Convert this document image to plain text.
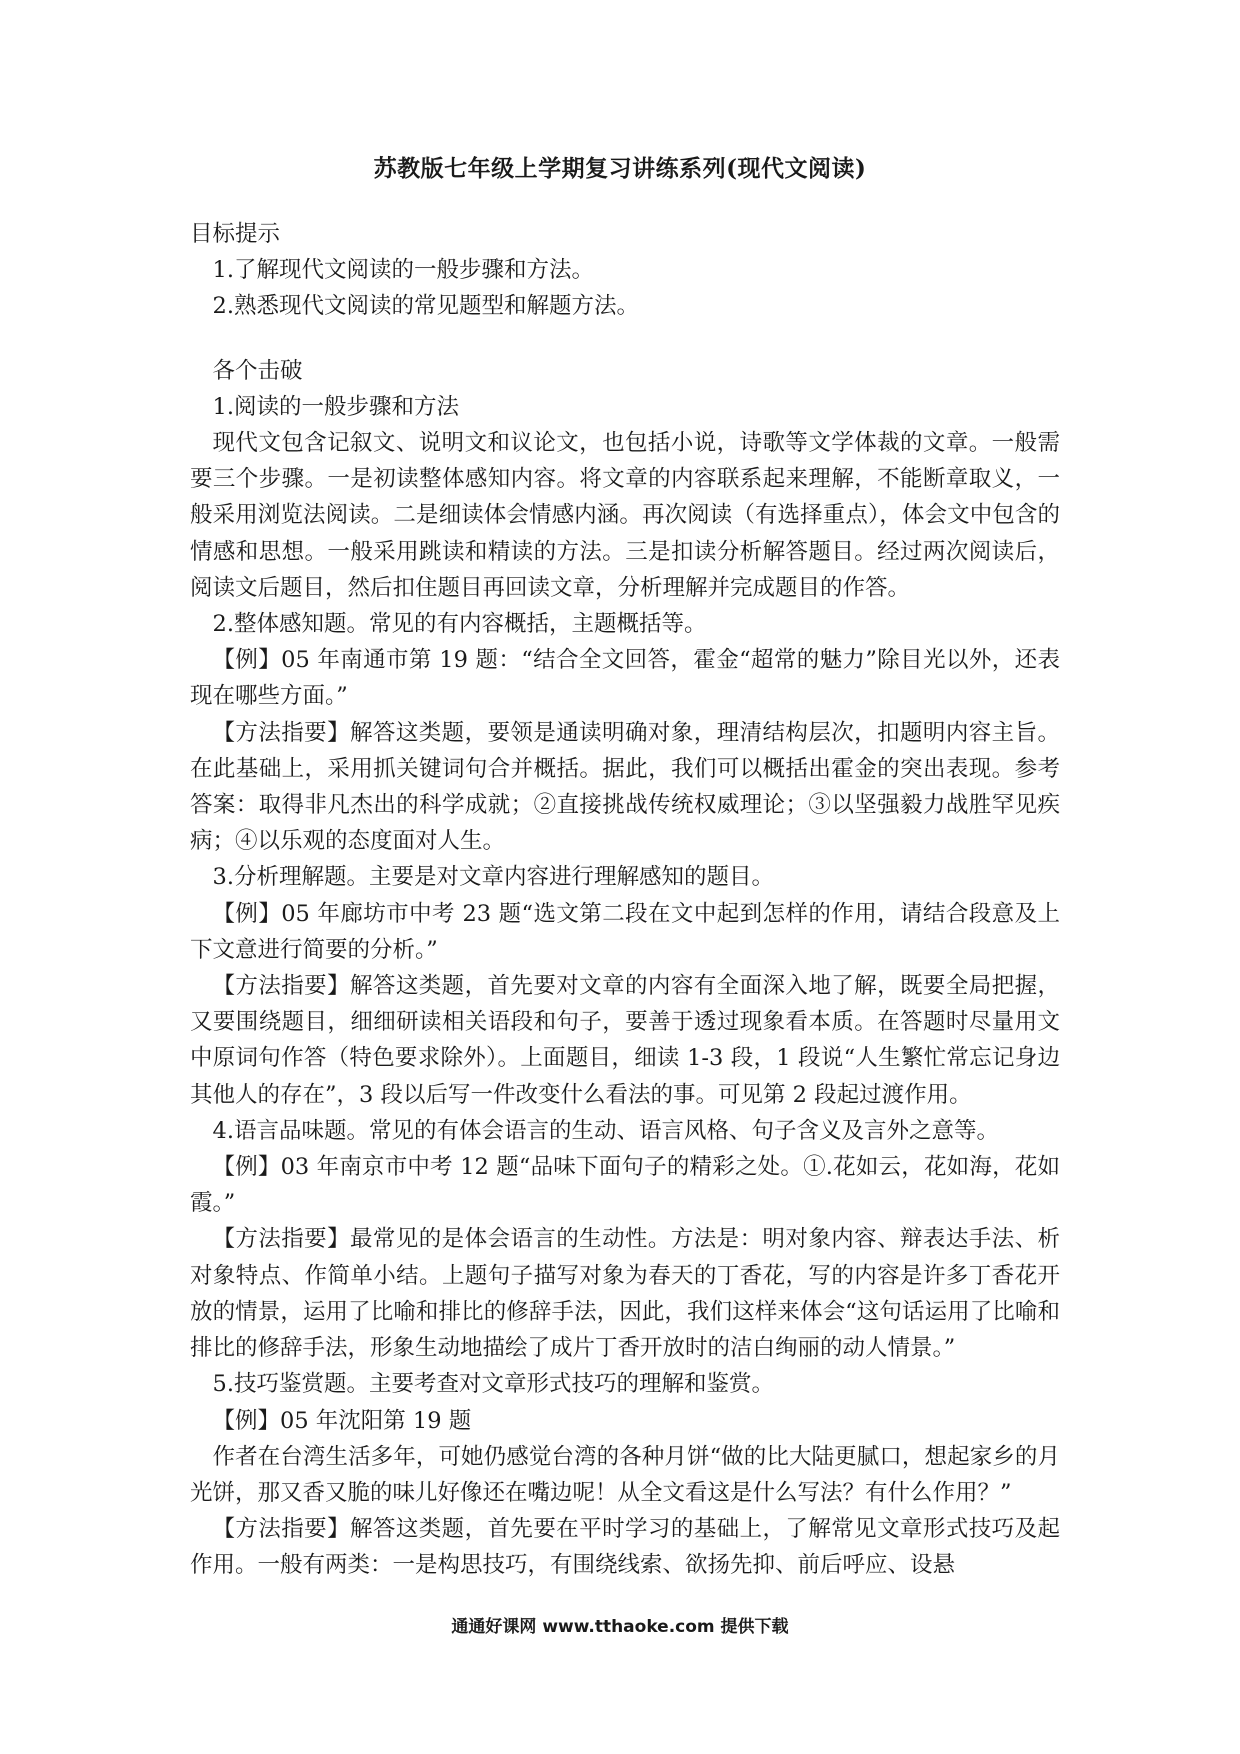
苏教版七年级上学期复习讲练系列(现代文阅读)

目标提示

1.了解现代文阅读的一般步骤和方法。

2.熟悉现代文阅读的常见题型和解题方法。

各个击破

1.阅读的一般步骤和方法

现代文包含记叙文、说明文和议论文，也包括小说，诗歌等文学体裁的文章。一般需要三个步骤。一是初读整体感知内容。将文章的内容联系起来理解，不能断章取义，一般采用浏览法阅读。二是细读体会情感内涵。再次阅读（有选择重点），体会文中包含的情感和思想。一般采用跳读和精读的方法。三是扣读分析解答题目。经过两次阅读后，阅读文后题目，然后扣住题目再回读文章，分析理解并完成题目的作答。

2.整体感知题。常见的有内容概括，主题概括等。

【例】05 年南通市第 19 题：“结合全文回答，霍金“超常的魅力”除目光以外，还表现在哪些方面。”

【方法指要】解答这类题，要领是通读明确对象，理清结构层次，扣题明内容主旨。在此基础上，采用抓关键词句合并概括。据此，我们可以概括出霍金的突出表现。参考答案：取得非凡杰出的科学成就；②直接挑战传统权威理论；③以坚强毅力战胜罕见疾病；④以乐观的态度面对人生。

3.分析理解题。主要是对文章内容进行理解感知的题目。

【例】05 年廊坊市中考 23 题“选文第二段在文中起到怎样的作用，请结合段意及上下文意进行简要的分析。”

【方法指要】解答这类题，首先要对文章的内容有全面深入地了解，既要全局把握，又要围绕题目，细细研读相关语段和句子，要善于透过现象看本质。在答题时尽量用文中原词句作答（特色要求除外）。上面题目，细读 1-3 段，1 段说“人生繁忙常忘记身边其他人的存在”，3 段以后写一件改变什么看法的事。可见第 2 段起过渡作用。

4.语言品味题。常见的有体会语言的生动、语言风格、句子含义及言外之意等。

【例】03 年南京市中考 12 题“品味下面句子的精彩之处。①.花如云，花如海，花如霞。”

【方法指要】最常见的是体会语言的生动性。方法是：明对象内容、辩表达手法、析对象特点、作简单小结。上题句子描写对象为春天的丁香花，写的内容是许多丁香花开放的情景，运用了比喻和排比的修辞手法，因此，我们这样来体会“这句话运用了比喻和排比的修辞手法，形象生动地描绘了成片丁香开放时的洁白绚丽的动人情景。”

5.技巧鉴赏题。主要考查对文章形式技巧的理解和鉴赏。

【例】05 年沈阳第 19 题

作者在台湾生活多年，可她仍感觉台湾的各种月饼“做的比大陆更腻口，想起家乡的月光饼，那又香又脆的味儿好像还在嘴边呢！从全文看这是什么写法？有什么作用？”

【方法指要】解答这类题，首先要在平时学习的基础上，了解常见文章形式技巧及起作用。一般有两类：一是构思技巧，有围绕线索、欲扬先抑、前后呼应、设悬

通通好课网 www.tthaoke.com 提供下载
